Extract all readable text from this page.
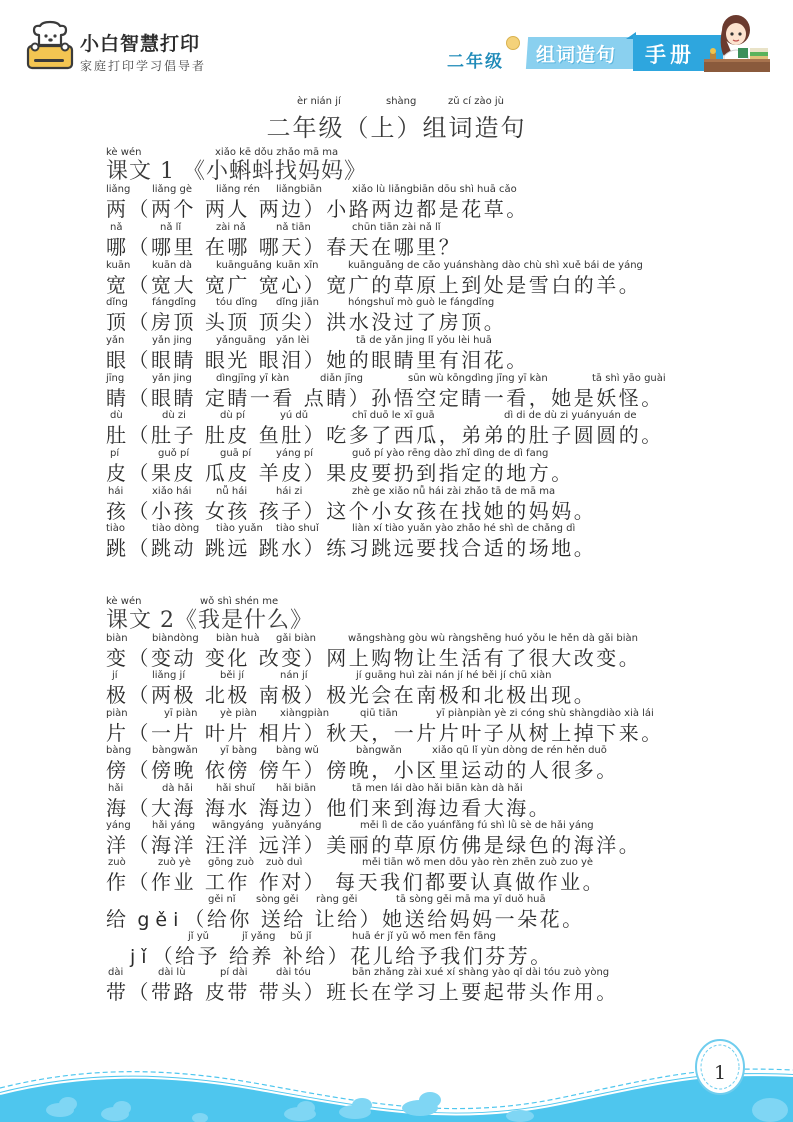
小白智慧打印
家庭打印学习倡导者	二年级 组词造句 手册
èr nián jí	shàng	zǔ cí zào jù
二年级（上）组词造句
kè wén	xiǎo kē dǒu zhǎo mā ma
课文 1 《小蝌蚪找妈妈》
liǎng liǎng gè liǎng rén liǎngbiān	xiǎo lù liǎngbiān dōu shì huā cǎo
两（两个 两人 两边）小路两边都是花草。
nǎ	nǎ lǐ	zài nǎ	nǎ tiān	chūn tiān zài nǎ lǐ
哪（哪里 在哪 哪天）春天在哪里？
kuān kuān dà kuānguǎng kuān xīn	kuānguǎng de cǎo yuánshàng dào chù shì xuě bái de yáng
宽（宽大 宽广 宽心）宽广的草原上到处是雪白的羊。
dǐng fángdǐng tóu dǐng dǐng jiān	hóngshuǐ mò guò le fángdǐng
顶（房顶 头顶 顶尖）洪水没过了房顶。
yǎn	yǎn jing yǎnguāng yǎn lèi	tā de yǎn jing lǐ yǒu lèi huā
眼（眼睛 眼光 眼泪）她的眼睛里有泪花。
jīng	yǎn jing dìngjīng yī kàn	diǎn jīng	sūn wù kōngdìng jīng yī kàn	tā shì yāo guài
睛（眼睛 定睛一看 点睛）孙悟空定睛一看，她是妖怪。
dù	dù zi	dù pí	yú dǔ	chī duō le xī guā	dì di de dù zi yuányuán de
肚（肚子 肚皮 鱼肚）吃多了西瓜，弟弟的肚子圆圆的。
pí	guǒ pí	guā pí yáng pí	guǒ pí yào rēng dào zhǐ dìng de dì fang
皮（果皮 瓜皮 羊皮）果皮要扔到指定的地方。
hái	xiǎo hái nǚ hái	hái zi	zhè ge xiǎo nǚ hái zài zhǎo tā de mā ma
孩（小孩 女孩 孩子）这个小女孩在找她的妈妈。
tiào	tiào dòng tiào yuǎn tiào shuǐ	liàn xí tiào yuǎn yào zhǎo hé shì de chǎng dì
跳（跳动 跳远 跳水）练习跳远要找合适的场地。
kè wén	wǒ shì shén me
课文 2《我是什么》
biàn biàndòng biàn huà gǎi biàn	wǎngshàng gòu wù ràngshēng huó yǒu le hěn dà gǎi biàn
变（变动 变化 改变）网上购物让生活有了很大改变。
jí	liǎng jí	běi jí	nán jí	jí guāng huì zài nán jí hé běi jí chū xiàn
极（两极 北极 南极）极光会在南极和北极出现。
piàn	yī piàn yè piàn xiàngpiàn	qiū tiān	yī piànpiàn yè zi cóng shù shàngdiào xià lái
片（一片 叶片 相片）秋天，一片片叶子从树上掉下来。
bàng bàngwǎn yī bàng bàng wǔ	bàngwǎn	xiǎo qū lǐ yùn dòng de rén hěn duō
傍（傍晚 依傍 傍午）傍晚，小区里运动的人很多。
hǎi	dà hǎi hǎi shuǐ hǎi biān	tā men lái dào hǎi biān kàn dà hǎi
海（大海 海水 海边）他们来到海边看大海。
yáng hǎi yáng wāngyáng yuǎnyáng	měi lì de cǎo yuánfǎng fú shì lǜ sè de hǎi yáng
洋（海洋 汪洋 远洋）美丽的草原仿佛是绿色的海洋。
zuò	zuò yè gōng zuò zuò duì	měi tiān wǒ men dōu yào rèn zhēn zuò zuo yè
作（作业 工作 作对） 每天我们都要认真做作业。
gěi nǐ sòng gěi ràng gěi	tā sòng gěi mā ma yī duǒ huā
给 gěi（给你 送给 让给）她送给妈妈一朵花。
jǐ yǔ	jǐ yǎng bǔ jǐ	huā ér jǐ yǔ wǒ men fēn fāng
jǐ（给予 给养 补给）花儿给予我们芬芳。
dài	dài lù	pí dài	dài tóu	bān zhǎng zài xué xí shàng yào qǐ dài tóu zuò yòng
带（带路 皮带 带头）班长在学习上要起带头作用。
1
